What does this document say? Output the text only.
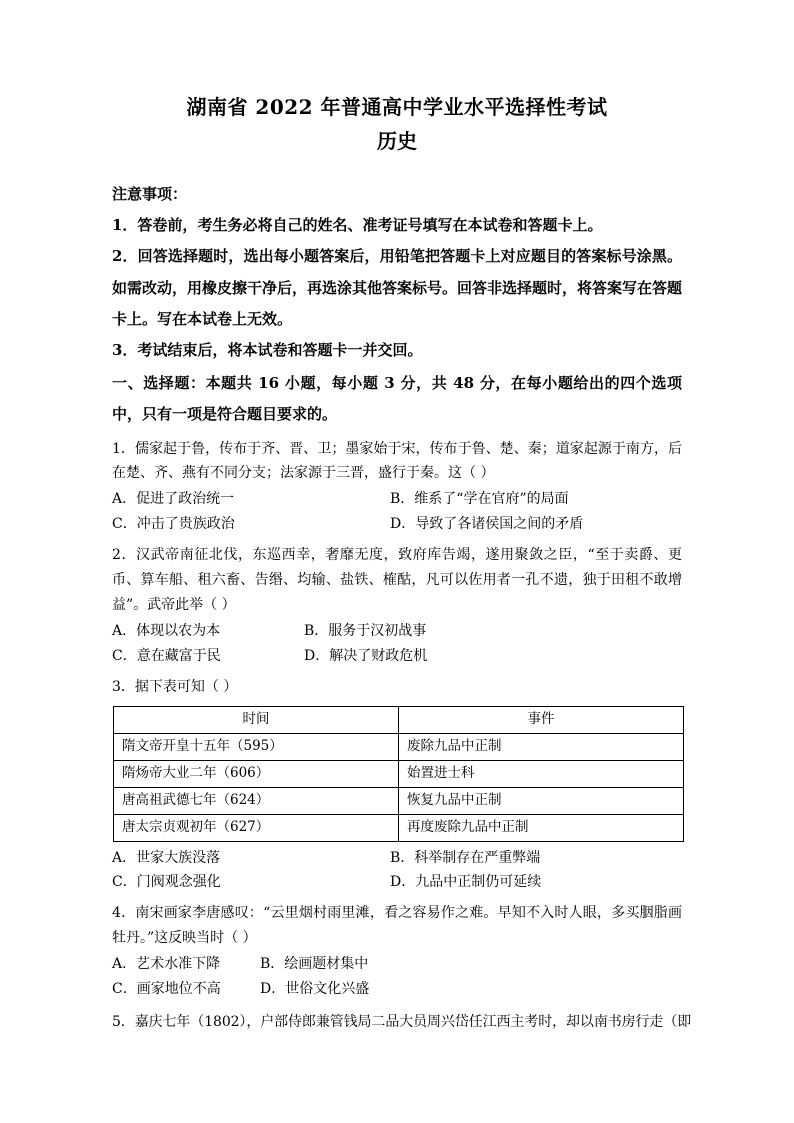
湖南省 2022 年普通高中学业水平选择性考试
历史
注意事项：
1．答卷前，考生务必将自己的姓名、准考证号填写在本试卷和答题卡上。
2．回答选择题时，选出每小题答案后，用铅笔把答题卡上对应题目的答案标号涂黑。如需改动，用橡皮擦干净后，再选涂其他答案标号。回答非选择题时，将答案写在答题卡上。写在本试卷上无效。
3．考试结束后，将本试卷和答题卡一并交回。
一、选择题：本题共 16 小题，每小题 3 分，共 48 分，在每小题给出的四个选项中，只有一项是符合题目要求的。
1．儒家起于鲁，传布于齐、晋、卫；墨家始于宋，传布于鲁、楚、秦；道家起源于南方，后在楚、齐、燕有不同分支；法家源于三晋，盛行于秦。这（ ）
A．促进了政治统一	B．维系了“学在官府”的局面
C．冲击了贵族政治	D．导致了各诸侯国之间的矛盾
2．汉武帝南征北伐，东巡西幸，奢靡无度，致府库告竭，遂用聚敛之臣，“至于卖爵、更币、算车船、租六畜、告缗、均输、盐铁、榷酤，凡可以佐用者一孔不遗，独于田租不敢增益”。武帝此举（ ）
A．体现以农为本	B．服务于汉初战事
C．意在藏富于民	D．解决了财政危机
3．据下表可知（ ）
时间	事件
隋文帝开皇十五年（595）	废除九品中正制
隋炀帝大业二年（606）	始置进士科
唐高祖武德七年（624）	恢复九品中正制
唐太宗贞观初年（627）	再度废除九品中正制
A．世家大族没落	B．科举制存在严重弊端
C．门阀观念强化	D．九品中正制仍可延续
4．南宋画家李唐感叹：“云里烟村雨里滩，看之容易作之难。早知不入时人眼，多买胭脂画牡丹。”这反映当时（ ）
A．艺术水准下降	B．绘画题材集中
C．画家地位不高	D．世俗文化兴盛
5．嘉庆七年（1802），户部侍郎兼管钱局二品大员周兴岱任江西主考时，却以南书房行走（即
